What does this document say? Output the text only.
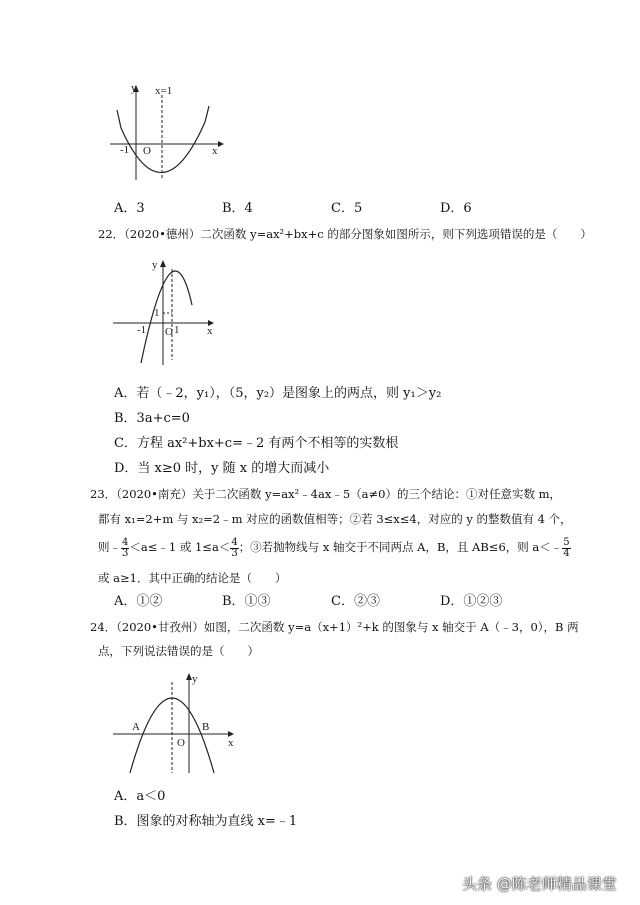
y x=1
x
-1 O
A．3	B．4	C．5	D．6
22．（2020•德州）二次函数 y=ax²+bx+c 的部分图象如图所示，则下列选项错误的是（　　）
y
x
-1 O 1
1
A．若（﹣2，y₁），（5，y₂）是图象上的两点，则 y₁＞y₂
B．3a+c=0
C．方程 ax²+bx+c=﹣2 有两个不相等的实数根
D．当 x≥0 时，y 随 x 的增大而减小
23．（2020•南充）关于二次函数 y=ax²﹣4ax﹣5（a≠0）的三个结论：①对任意实数 m，
都有 x₁=2+m 与 x₂=2﹣m 对应的函数值相等；②若 3≤x≤4，对应的 y 的整数值有 4 个，
则﹣ $\frac{4}{3}$ ＜a≤﹣1 或 $1\le a< \frac{4}{3}$ ；③若抛物线与 x 轴交于不同两点 A，B，且 AB≤6，则 a＜﹣ $\frac{5}{4}$
或 a≥1．其中正确的结论是（　　）
A．①②	B．①③	C．②③	D．①②③
24．（2020•甘孜州）如图，二次函数 y=a（x+1）²+k 的图象与 x 轴交于 A（﹣3，0），B 两
点，下列说法错误的是（　　）
y
x
A	B
O
A．a＜0
B．图象的对称轴为直线 x=﹣1
头条 @陈老师精品课堂
